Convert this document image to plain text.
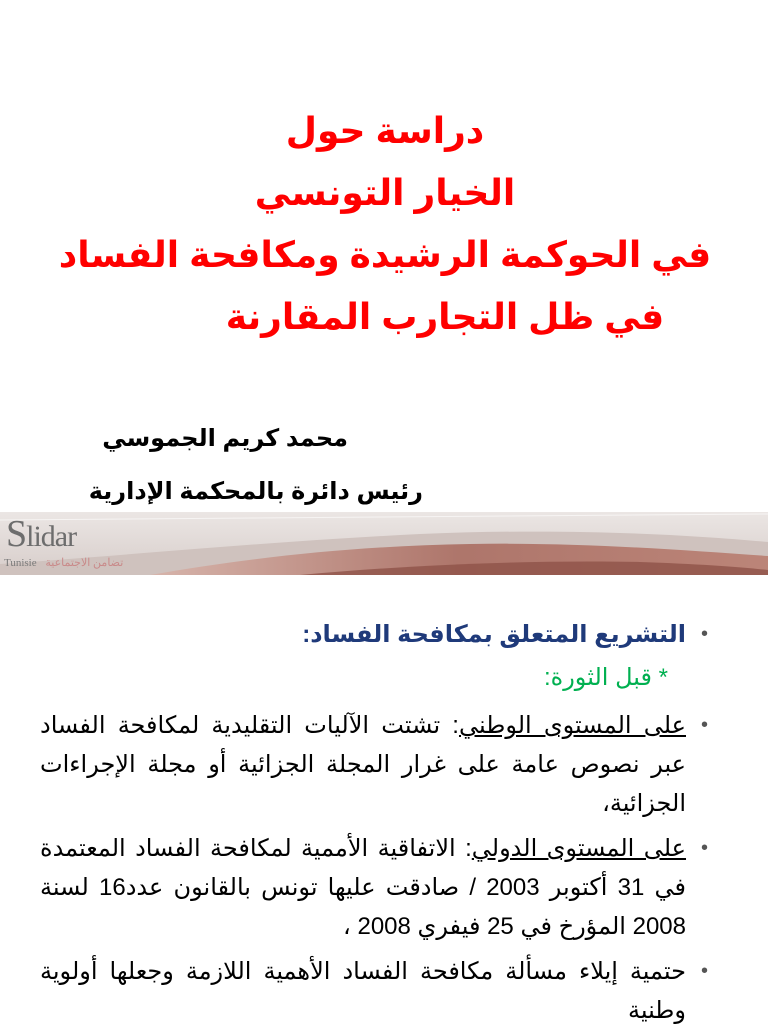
دراسة حول
الخيار التونسي
في الحوكمة الرشيدة ومكافحة الفساد
في ظل التجارب المقارنة
محمد كريم الجموسي
رئيس دائرة بالمحكمة الإدارية
Slidar
Tunisie تضامن الاجتماعية
•
التشريع المتعلق بمكافحة الفساد:
* قبل الثورة:
•
على المستوى الوطني: تشتت الآليات التقليدية لمكافحة الفساد عبر نصوص عامة على غرار المجلة الجزائية أو مجلة الإجراءات الجزائية،
•
على المستوى الدولي: الاتفاقية الأممية لمكافحة الفساد المعتمدة في 31 أكتوبر 2003 / صادقت عليها تونس بالقانون عدد16 لسنة 2008 المؤرخ في 25 فيفري 2008 ،
•
حتمية إيلاء مسألة مكافحة الفساد الأهمية اللازمة وجعلها أولوية وطنية
